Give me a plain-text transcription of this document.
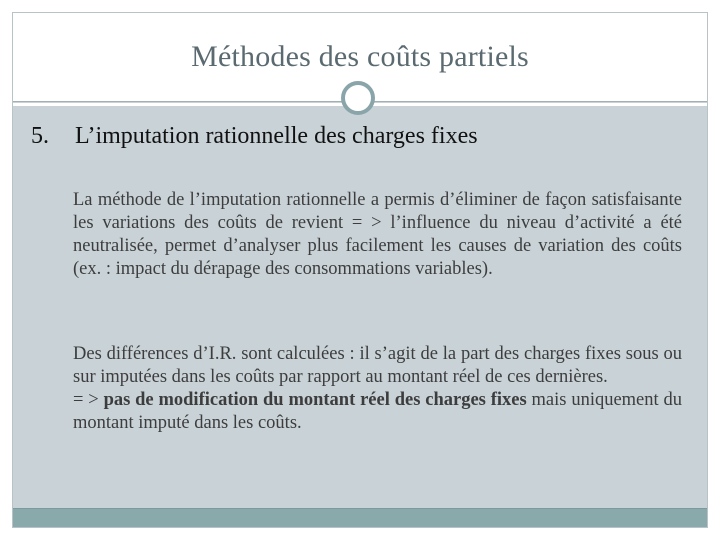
Méthodes des coûts partiels
5. L’imputation rationnelle des charges fixes
La méthode de l’imputation rationnelle a permis d’éliminer de façon satisfaisante les variations des coûts de revient = > l’influence du niveau d’activité a été neutralisée, permet d’analyser plus facilement les causes de variation des coûts (ex. : impact du dérapage des consommations variables).
Des différences d’I.R. sont calculées : il s’agit de la part des charges fixes sous ou sur imputées dans les coûts par rapport au montant réel de ces dernières.
= > pas de modification du montant réel des charges fixes mais uniquement du montant imputé dans les coûts.
